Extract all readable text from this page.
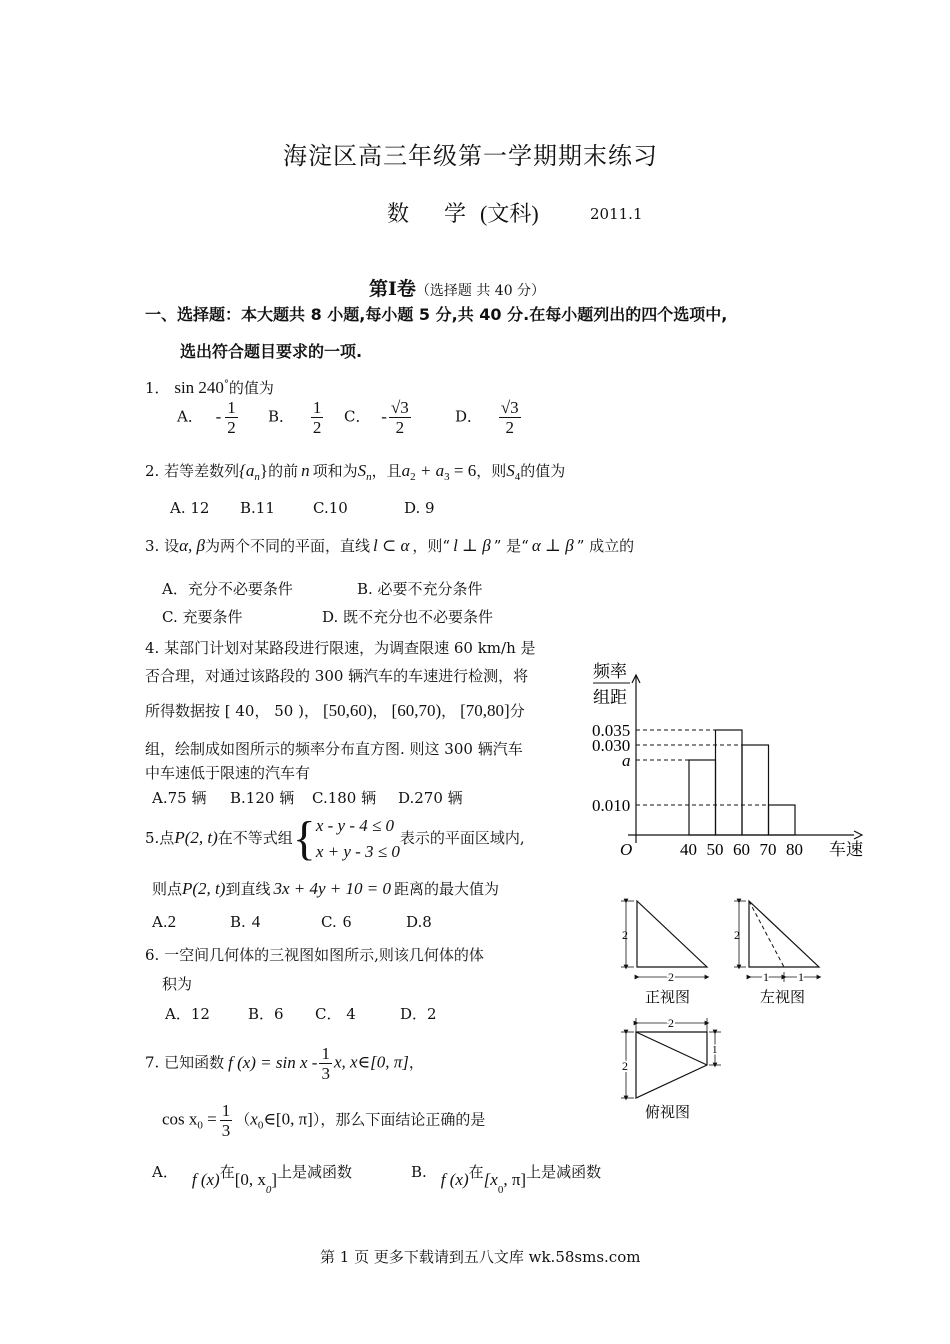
海淀区高三年级第一学期期末练习
数 学(文科)	2011.1
第Ⅰ卷（选择题 共 40 分）
一、选择题：本大题共 8 小题,每小题 5 分,共 40 分.在每小题列出的四个选项中,
选出符合题目要求的一项.
1． sin 240°的值为
A． - $\frac{1}{2}$ B． $\frac{1}{2}$ C． - $\frac{√3}{2}$	D． $\frac{√3}{2}$
2. 若等差数列$\{a_n\}$的前 n 项和为$S_n$，且$a_2 + a_3 = 6$，则$S_4$的值为
A. 12 B.11	C.10	D. 9
3. 设α, β为两个不同的平面，直线 l ⊂ α ，则“ l ⊥ β ” 是“ α ⊥ β ” 成立的
A．充分不必要条件	B. 必要不充分条件
C. 充要条件	D. 既不充分也不必要条件
4. 某部门计划对某路段进行限速，为调查限速 60 km/h 是
否合理，对通过该路段的 300 辆汽车的车速进行检测，将
所得数据按 [ 40， 50 )， [50,60)， [60,70)， [70,80]分
组，绘制成如图所示的频率分布直方图. 则这 300 辆汽车
中车速低于限速的汽车有
A.75 辆 B.120 辆 C.180 辆 D.270 辆
频率
组距
0.035
0.030
a
0.010
40 50 60 70 80
O	车速
5.点P(2, t)在不等式组{ x - y - 4 ≤ 0
x + y - 3 ≤ 0
表示的平面区域内,
则点P(2, t)到直线 3x + 4y + 10 = 0 距离的最大值为
A.2	B. 4	C. 6	D.8
6. 一空间几何体的三视图如图所示,则该几何体的体
积为
A．12	B．6 C． 4	D．2
2
2
正视图
2
1 1
左视图
2
2
1
俯视图
7. 已知函数 f $(x) = \sin x - \frac{1}{3} x$, x∈[0, π]，
$\cos x_0 = \frac{1}{3}$ （$x_0\in[0$, π]），那么下面结论正确的是
A． f (x)在[0, $x_0$]上是减函数	B. f (x)在[$x_0$, π]上是减函数
第 1 页 更多下载请到五八文库 wk.58sms.com
